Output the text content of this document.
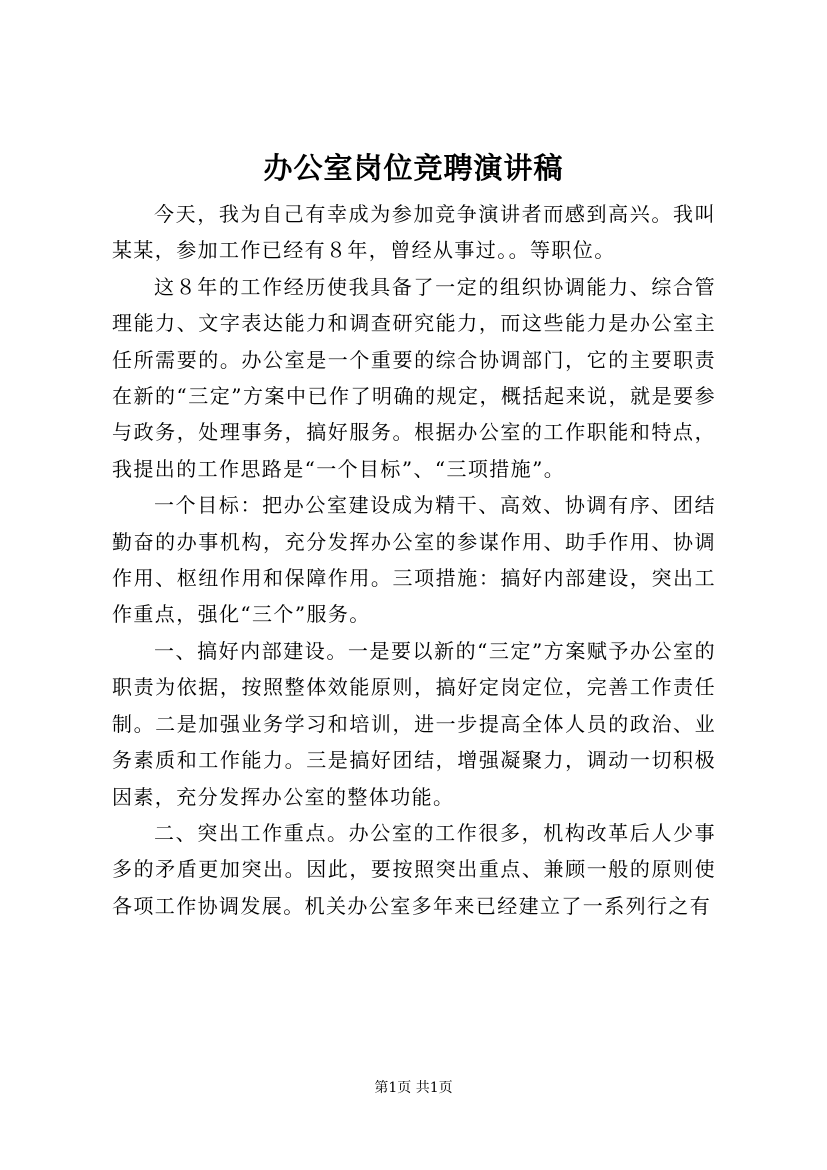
办公室岗位竞聘演讲稿

今天，我为自己有幸成为参加竞争演讲者而感到高兴。我叫某某，参加工作已经有８年，曾经从事过。。等职位。

这８年的工作经历使我具备了一定的组织协调能力、综合管理能力、文字表达能力和调查研究能力，而这些能力是办公室主任所需要的。办公室是一个重要的综合协调部门，它的主要职责在新的“三定”方案中已作了明确的规定，概括起来说，就是要参与政务，处理事务，搞好服务。根据办公室的工作职能和特点，我提出的工作思路是“一个目标”、“三项措施”。

一个目标：把办公室建设成为精干、高效、协调有序、团结勤奋的办事机构，充分发挥办公室的参谋作用、助手作用、协调作用、枢纽作用和保障作用。三项措施：搞好内部建设，突出工作重点，强化“三个”服务。

一、搞好内部建设。一是要以新的“三定”方案赋予办公室的职责为依据，按照整体效能原则，搞好定岗定位，完善工作责任制。二是加强业务学习和培训，进一步提高全体人员的政治、业务素质和工作能力。三是搞好团结，增强凝聚力，调动一切积极因素，充分发挥办公室的整体功能。

二、突出工作重点。办公室的工作很多，机构改革后人少事多的矛盾更加突出。因此，要按照突出重点、兼顾一般的原则使各项工作协调发展。机关办公室多年来已经建立了一系列行之有

第1页 共1页
